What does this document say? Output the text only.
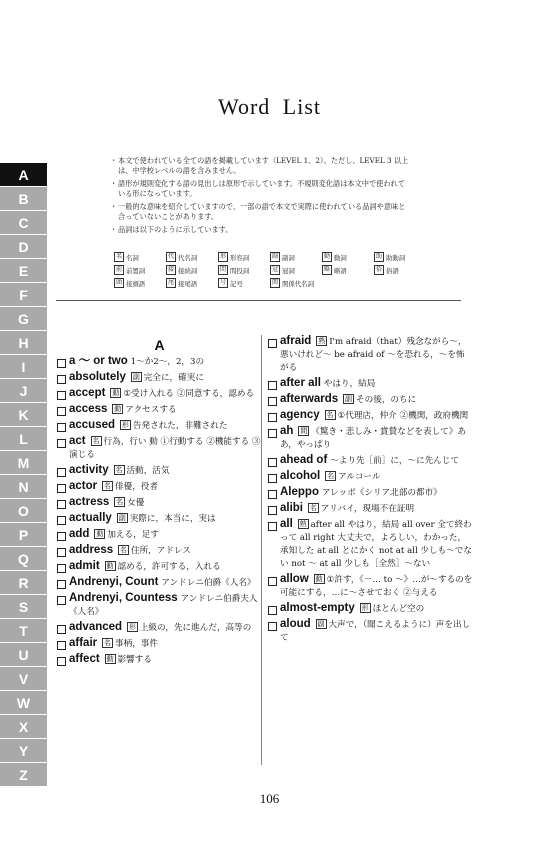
Word List
・ 本文で使われている全ての語を掲載しています（LEVEL 1、2）。ただし、LEVEL 3 以上は、中学校レベルの語を含みません。
・ 語形が規則変化する語の見出しは原形で示しています。不規則変化語は本文中で使われている形になっています。
・ 一般的な意味を紹介していますので、一部の語で本文で実際に使われている品詞や意味と合っていないことがあります。
・ 品詞は以下のように示しています。
名 名詞	代 代名詞	形 形容詞	副 副詞	動 動詞	助 助動詞
前 前置詞	接 接続詞	間 間投詞	冠 冠詞	略 略語	俗 俗語
頭 接頭語	尾 接尾語	号 記号	関 関係代名詞
A
B
C
D
E
F
G
H
I
J
K
L
M
N
O
P
Q
R
S
T
U
V
W
X
Y
Z
A
a ～ or two 1～か2～，2，3の
absolutely 副 完全に，確実に
accept 動 ①受け入れる ②同意する，認める
access 動 アクセスする
accused 形 告発された，非難された
act 名 行為，行い 動 ①行動する ②機能する ③演じる
activity 名 活動，活気
actor 名 俳優，役者
actress 名 女優
actually 副 実際に，本当に，実は
add 動 加える，足す
address 名 住所，アドレス
admit 動 認める，許可する，入れる
Andrenyi, Count アンドレニ伯爵《人名》
Andrenyi, Countess アンドレニ伯爵夫人《人名》
advanced 形 上級の，先に進んだ，高等の
affair 名 事柄，事件
affect 動 影響する
afraid 熟 I'm afraid（that）残念ながら～，悪いけれど～ be afraid of ～を恐れる，～を怖がる
after all やはり，結局
afterwards 副 その後，のちに
agency 名 ①代理店，仲介 ②機関，政府機関
ah 間 《驚き・悲しみ・賞賛などを表して》ああ，やっぱり
ahead of ～より先［前］に，～に先んじて
alcohol 名 アルコール
Aleppo アレッポ《シリア北部の都市》
alibi 名 アリバイ，現場不在証明
all 熟 after all やはり，結局 all over 全て終わって all right 大丈夫で，よろしい，わかった，承知した at all とにかく not at all 少しも～でない not ～ at all 少しも［全然］～ない
allow 動 ①許す，《－… to ～》…が～するのを可能にする，…に～させておく ②与える
almost-empty 形 ほとんど空の
aloud 副 大声で，（聞こえるように）声を出して
106
